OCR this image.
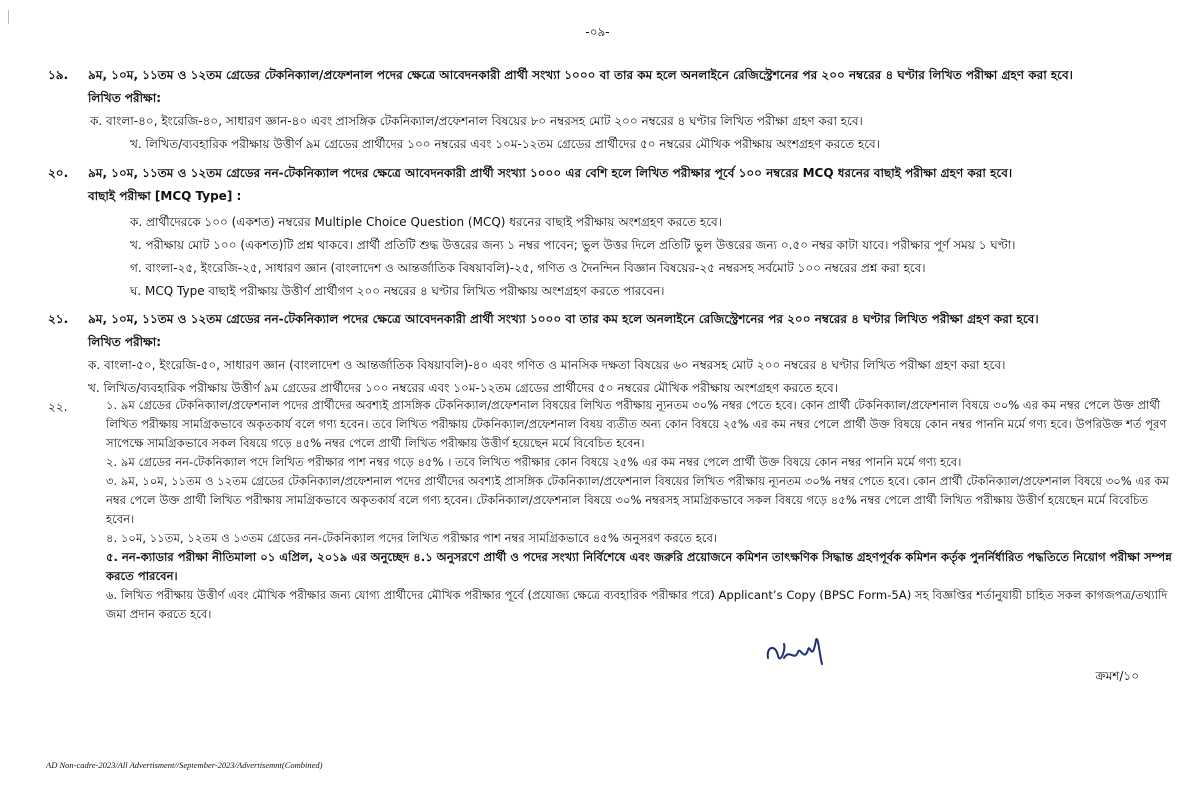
-০৯-
১৯. ৯ম, ১০ম, ১১তম ও ১২তম গ্রেডের টেকনিক্যাল/প্রফেশনাল পদের ক্ষেত্রে আবেদনকারী প্রার্থী সংখ্যা ১০০০ বা তার কম হলে অনলাইনে রেজিস্ট্রেশনের পর ২০০ নম্বরের ৪ ঘণ্টার লিখিত পরীক্ষা গ্রহণ করা হবে।
লিখিত পরীক্ষা:
ক. বাংলা-৪০, ইংরেজি-৪০, সাধারণ জ্ঞান-৪০ এবং প্রাসঙ্গিক টেকনিক্যাল/প্রফেশনাল বিষয়ের ৮০ নম্বরসহ মোট ২০০ নম্বরের ৪ ঘণ্টার লিখিত পরীক্ষা গ্রহণ করা হবে।
খ. লিখিত/ব্যবহারিক পরীক্ষায় উত্তীর্ণ ৯ম গ্রেডের প্রার্থীদের ১০০ নম্বরের এবং ১০ম-১২তম গ্রেডের প্রার্থীদের ৫০ নম্বরের মৌখিক পরীক্ষায় অংশগ্রহণ করতে হবে।
২০. ৯ম, ১০ম, ১১তম ও ১২তম গ্রেডের নন-টেকনিক্যাল পদের ক্ষেত্রে আবেদনকারী প্রার্থী সংখ্যা ১০০০ এর বেশি হলে লিখিত পরীক্ষার পূর্বে ১০০ নম্বরের MCQ ধরনের বাছাই পরীক্ষা গ্রহণ করা হবে।
বাছাই পরীক্ষা [MCQ Type] :
ক. প্রার্থীদেরকে ১০০ (একশত) নম্বরের Multiple Choice Question (MCQ) ধরনের বাছাই পরীক্ষায় অংশগ্রহণ করতে হবে।
খ. পরীক্ষায় মোট ১০০ (একশত)টি প্রশ্ন থাকবে। প্রার্থী প্রতিটি শুদ্ধ উত্তরের জন্য ১ নম্বর পাবেন; ভুল উত্তর দিলে প্রতিটি ভুল উত্তরের জন্য ০.৫০ নম্বর কাটা যাবে। পরীক্ষার পূর্ণ সময় ১ ঘণ্টা।
গ. বাংলা-২৫, ইংরেজি-২৫, সাধারণ জ্ঞান (বাংলাদেশ ও আন্তর্জাতিক বিষয়াবলি)-২৫, গণিত ও দৈনন্দিন বিজ্ঞান বিষয়ের-২৫ নম্বরসহ সর্বমোট ১০০ নম্বরের প্রশ্ন করা হবে।
ঘ. MCQ Type বাছাই পরীক্ষায় উত্তীর্ণ প্রার্থীগণ ২০০ নম্বরের ৪ ঘণ্টার লিখিত পরীক্ষায় অংশগ্রহণ করতে পারবেন।
২১. ৯ম, ১০ম, ১১তম ও ১২তম গ্রেডের নন-টেকনিক্যাল পদের ক্ষেত্রে আবেদনকারী প্রার্থী সংখ্যা ১০০০ বা তার কম হলে অনলাইনে রেজিস্ট্রেশনের পর ২০০ নম্বরের ৪ ঘণ্টার লিখিত পরীক্ষা গ্রহণ করা হবে।
লিখিত পরীক্ষা:
ক. বাংলা-৫০, ইংরেজি-৫০, সাধারণ জ্ঞান (বাংলাদেশ ও আন্তর্জাতিক বিষয়াবলি)-৪০ এবং গণিত ও মানসিক দক্ষতা বিষয়ের ৬০ নম্বরসহ মোট ২০০ নম্বরের ৪ ঘণ্টার লিখিত পরীক্ষা গ্রহণ করা হবে।
খ. লিখিত/ব্যবহারিক পরীক্ষায় উত্তীর্ণ ৯ম গ্রেডের প্রার্থীদের ১০০ নম্বরের এবং ১০ম-১২তম গ্রেডের প্রার্থীদের ৫০ নম্বরের মৌখিক পরীক্ষায় অংশগ্রহণ করতে হবে।
২২.	১. ৯ম গ্রেডের টেকনিক্যাল/প্রফেশনাল পদের প্রার্থীদের অবশ্যই প্রাসঙ্গিক টেকনিক্যাল/প্রফেশনাল বিষয়ের লিখিত পরীক্ষায় ন্যূনতম ৩০% নম্বর পেতে হবে। কোন প্রার্থী টেকনিক্যাল/প্রফেশনাল বিষয়ে ৩০% এর কম নম্বর পেলে উক্ত প্রার্থী লিখিত পরীক্ষায় সামগ্রিকভাবে অকৃতকার্য বলে গণ্য হবেন। তবে লিখিত পরীক্ষায় টেকনিক্যাল/প্রফেশনাল বিষয় ব্যতীত অন্য কোন বিষয়ে ২৫% এর কম নম্বর পেলে প্রার্থী উক্ত বিষয়ে কোন নম্বর পাননি মর্মে গণ্য হবে। উপরিউক্ত শর্ত পূরণ সাপেক্ষে সামগ্রিকভাবে সকল বিষয়ে গড়ে ৪৫% নম্বর পেলে প্রার্থী লিখিত পরীক্ষায় উত্তীর্ণ হয়েছেন মর্মে বিবেচিত হবেন।
২. ৯ম গ্রেডের নন-টেকনিক্যাল পদে লিখিত পরীক্ষার পাশ নম্বর গড়ে ৪৫% । তবে লিখিত পরীক্ষার কোন বিষয়ে ২৫% এর কম নম্বর পেলে প্রার্থী উক্ত বিষয়ে কোন নম্বর পাননি মর্মে গণ্য হবে।
৩. ৯ম, ১০ম, ১১তম ও ১২তম গ্রেডের টেকনিক্যাল/প্রফেশনাল পদের প্রার্থীদের অবশ্যই প্রাসঙ্গিক টেকনিক্যাল/প্রফেশনাল বিষয়ের লিখিত পরীক্ষায় ন্যূনতম ৩০% নম্বর পেতে হবে। কোন প্রার্থী টেকনিক্যাল/প্রফেশনাল বিষয়ে ৩০% এর কম নম্বর পেলে উক্ত প্রার্থী লিখিত পরীক্ষায় সামগ্রিকভাবে অকৃতকার্য বলে গণ্য হবেন। টেকনিক্যাল/প্রফেশনাল বিষয়ে ৩০% নম্বরসহ সামগ্রিকভাবে সকল বিষয়ে গড়ে ৪৫% নম্বর পেলে প্রার্থী লিখিত পরীক্ষায় উত্তীর্ণ হয়েছেন মর্মে বিবেচিত হবেন।
৪. ১০ম, ১১তম, ১২তম ও ১৩তম গ্রেডের নন-টেকনিক্যাল পদের লিখিত পরীক্ষার পাশ নম্বর সামগ্রিকভাবে ৪৫% অনুসরণ করতে হবে।
৫. নন-ক্যাডার পরীক্ষা নীতিমালা ০১ এপ্রিল, ২০১৯ এর অনুচ্ছেদ ৪.১ অনুসরণে প্রার্থী ও পদের সংখ্যা নির্বিশেষে এবং জরুরি প্রয়োজনে কমিশন তাৎক্ষণিক সিদ্ধান্ত গ্রহণপূর্বক কমিশন কর্তৃক পুনর্নির্ধারিত পদ্ধতিতে নিয়োগ পরীক্ষা সম্পন্ন করতে পারবেন।
৬. লিখিত পরীক্ষায় উত্তীর্ণ এবং মৌখিক পরীক্ষার জন্য যোগ্য প্রার্থীদের মৌখিক পরীক্ষার পূর্বে (প্রযোজ্য ক্ষেত্রে ব্যবহারিক পরীক্ষার পরে) Applicant’s Copy (BPSC Form-5A) সহ বিজ্ঞপ্তির শর্তানুযায়ী চাহিত সকল কাগজপত্র/তথ্যাদি জমা প্রদান করতে হবে।
ক্রমশ/১০
AD Non-cadre-2023/All Advertisment//September-2023/Advertisemnt(Combined)
